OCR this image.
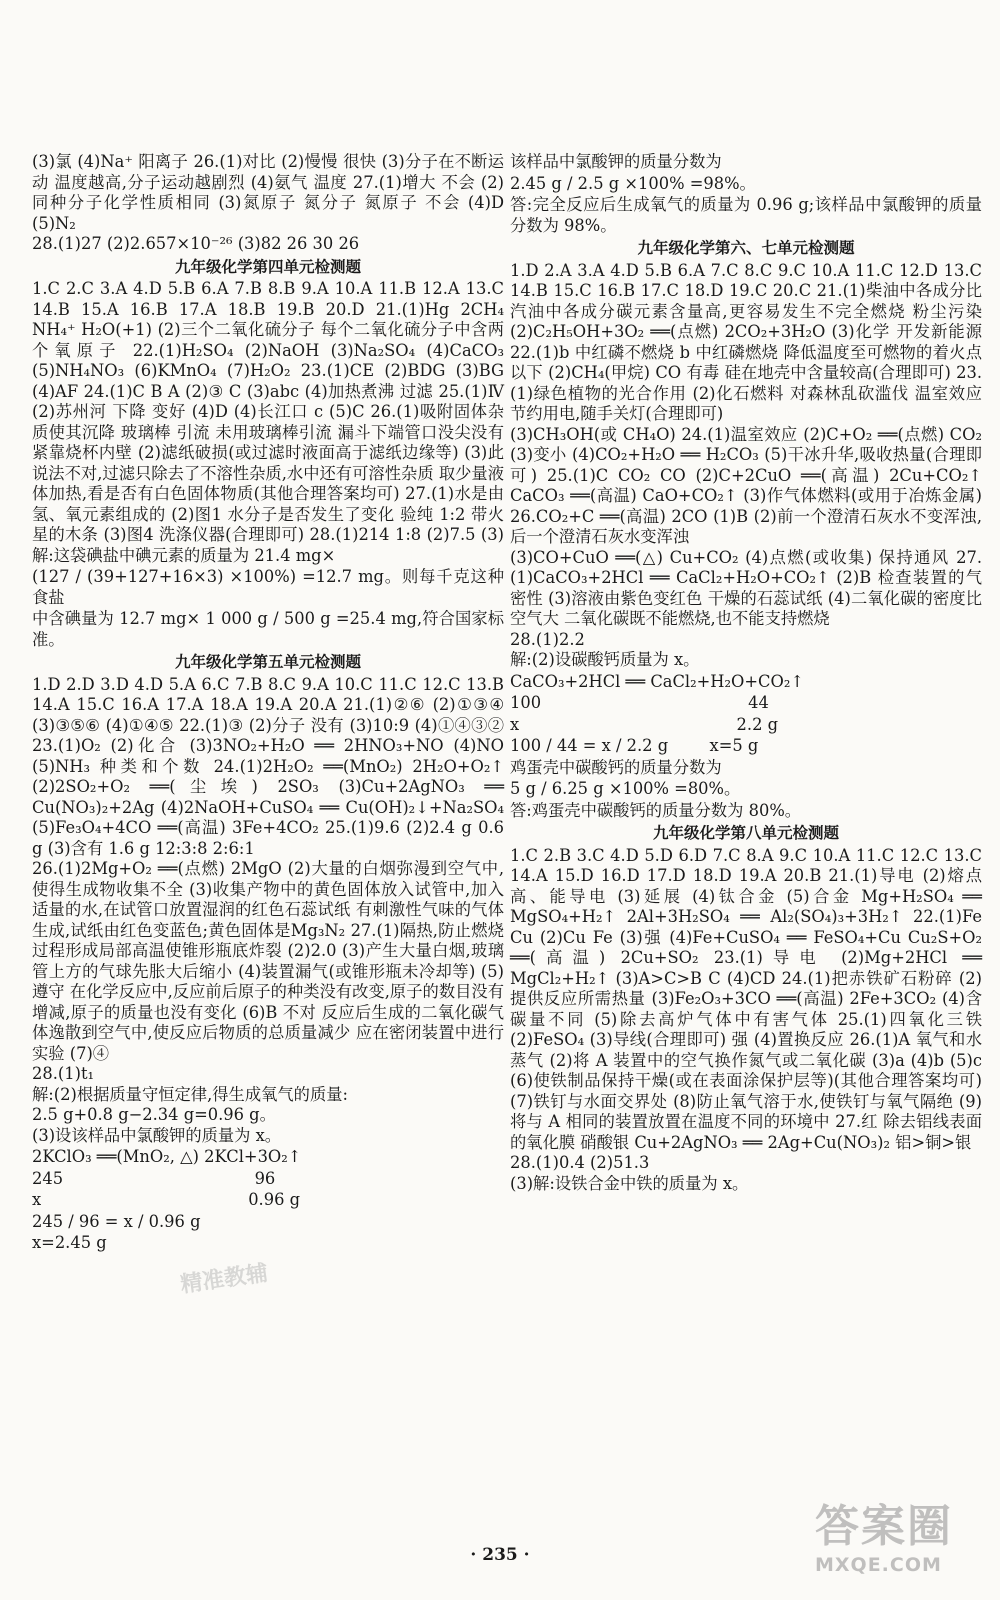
(3)氯 (4)Na⁺ 阳离子 26.(1)对比 (2)慢慢 很快 (3)分子在不断运动 温度越高,分子运动越剧烈 (4)氨气 温度 27.(1)增大 不会 (2)同种分子化学性质相同 (3)氮原子 氮分子 氮原子 不会 (4)D (5)N₂

28.(1)27 (2)2.657×10⁻²⁶ (3)82 26 30 26

九年级化学第四单元检测题

1.C 2.C 3.A 4.D 5.B 6.A 7.B 8.B 9.A 10.A 11.B 12.A 13.C 14.B 15.A 16.B 17.A 18.B 19.B 20.D 21.(1)Hg 2CH₄ NH₄⁺ H₂O(+1) (2)三个二氧化硫分子 每个二氧化硫分子中含两个氧原子 22.(1)H₂SO₄ (2)NaOH (3)Na₂SO₄ (4)CaCO₃ (5)NH₄NO₃ (6)KMnO₄ (7)H₂O₂ 23.(1)CE (2)BDG (3)BG (4)AF 24.(1)C B A (2)③ C (3)abc (4)加热煮沸 过滤 25.(1)Ⅳ (2)苏州河 下降 变好 (4)D (4)长江口 c (5)C 26.(1)吸附固体杂质使其沉降 玻璃棒 引流 未用玻璃棒引流 漏斗下端管口没尖没有紧靠烧杯内壁 (2)滤纸破损(或过滤时液面高于滤纸边缘等) (3)此说法不对,过滤只除去了不溶性杂质,水中还有可溶性杂质 取少量液体加热,看是否有白色固体物质(其他合理答案均可) 27.(1)水是由氢、氧元素组成的 (2)图1 水分子是否发生了变化 验纯 1:2 带火星的木条 (3)图4 洗涤仪器(合理即可) 28.(1)214 1:8 (2)7.5 (3)解:这袋碘盐中碘元素的质量为 21.4 mg×

(127 / (39+127+16×3) ×100%) =12.7 mg。则每千克这种食盐

中含碘量为 12.7 mg× 1 000 g / 500 g =25.4 mg,符合国家标准。

九年级化学第五单元检测题

1.D 2.D 3.D 4.D 5.A 6.C 7.B 8.C 9.A 10.C 11.C 12.C 13.B 14.A 15.C 16.A 17.A 18.A 19.A 20.A 21.(1)②⑥ (2)①③④ (3)③⑤⑥ (4)①④⑤ 22.(1)③ (2)分子 没有 (3)10:9 (4)①④③② 23.(1)O₂ (2)化合 (3)3NO₂+H₂O ══ 2HNO₃+NO (4)NO (5)NH₃ 种类和个数 24.(1)2H₂O₂ ══(MnO₂) 2H₂O+O₂↑ (2)2SO₂+O₂ ══(尘埃) 2SO₃ (3)Cu+2AgNO₃ ══ Cu(NO₃)₂+2Ag (4)2NaOH+CuSO₄ ══ Cu(OH)₂↓+Na₂SO₄ (5)Fe₃O₄+4CO ══(高温) 3Fe+4CO₂ 25.(1)9.6 (2)2.4 g 0.6 g (3)含有 1.6 g 12:3:8 2:6:1

26.(1)2Mg+O₂ ══(点燃) 2MgO (2)大量的白烟弥漫到空气中,使得生成物收集不全 (3)收集产物中的黄色固体放入试管中,加入适量的水,在试管口放置湿润的红色石蕊试纸 有刺激性气味的气体生成,试纸由红色变蓝色;黄色固体是Mg₃N₂ 27.(1)隔热,防止燃烧过程形成局部高温使锥形瓶底炸裂 (2)2.0 (3)产生大量白烟,玻璃管上方的气球先胀大后缩小 (4)装置漏气(或锥形瓶未冷却等) (5)遵守 在化学反应中,反应前后原子的种类没有改变,原子的数目没有增减,原子的质量也没有变化 (6)B 不对 反应后生成的二氧化碳气体逸散到空气中,使反应后物质的总质量减少 应在密闭装置中进行实验 (7)④

28.(1)t₁

解:(2)根据质量守恒定律,得生成氧气的质量:

2.5 g+0.8 g−2.34 g=0.96 g。

(3)设该样品中氯酸钾的质量为 x。

2KClO₃ ══(MnO₂, △) 2KCl+3O₂↑

245                                     96

x                                        0.96 g

245 / 96 = x / 0.96 g

x=2.45 g

该样品中氯酸钾的质量分数为

2.45 g / 2.5 g ×100% =98%。

答:完全反应后生成氧气的质量为 0.96 g;该样品中氯酸钾的质量分数为 98%。

九年级化学第六、七单元检测题

1.D 2.A 3.A 4.D 5.B 6.A 7.C 8.C 9.C 10.A 11.C 12.D 13.C 14.B 15.C 16.B 17.C 18.D 19.C 20.C 21.(1)柴油中各成分比汽油中各成分碳元素含量高,更容易发生不完全燃烧 粉尘污染 (2)C₂H₅OH+3O₂ ══(点燃) 2CO₂+3H₂O (3)化学 开发新能源 22.(1)b 中红磷不燃烧 b 中红磷燃烧 降低温度至可燃物的着火点以下 (2)CH₄(甲烷) CO 有毒 硅在地壳中含量较高(合理即可) 23.(1)绿色植物的光合作用 (2)化石燃料 对森林乱砍滥伐 温室效应 节约用电,随手关灯(合理即可)

(3)CH₃OH(或 CH₄O) 24.(1)温室效应 (2)C+O₂ ══(点燃) CO₂ (3)变小 (4)CO₂+H₂O ══ H₂CO₃ (5)干冰升华,吸收热量(合理即可) 25.(1)C CO₂ CO (2)C+2CuO ══(高温) 2Cu+CO₂↑ CaCO₃ ══(高温) CaO+CO₂↑ (3)作气体燃料(或用于冶炼金属) 26.CO₂+C ══(高温) 2CO (1)B (2)前一个澄清石灰水不变浑浊,后一个澄清石灰水变浑浊

(3)CO+CuO ══(△) Cu+CO₂ (4)点燃(或收集) 保持通风 27.(1)CaCO₃+2HCl ══ CaCl₂+H₂O+CO₂↑ (2)B 检查装置的气密性 (3)溶液由紫色变红色 干燥的石蕊试纸 (4)二氧化碳的密度比空气大 二氧化碳既不能燃烧,也不能支持燃烧

28.(1)2.2

解:(2)设碳酸钙质量为 x。

CaCO₃+2HCl ══ CaCl₂+H₂O+CO₂↑

100                                        44

x                                          2.2 g

100 / 44 = x / 2.2 g        x=5 g

鸡蛋壳中碳酸钙的质量分数为

5 g / 6.25 g ×100% =80%。

答:鸡蛋壳中碳酸钙的质量分数为 80%。

九年级化学第八单元检测题

1.C 2.B 3.C 4.D 5.D 6.D 7.C 8.A 9.C 10.A 11.C 12.C 13.C 14.A 15.D 16.D 17.D 18.D 19.A 20.B 21.(1)导电 (2)熔点高、能导电 (3)延展 (4)钛合金 (5)合金 Mg+H₂SO₄ ══ MgSO₄+H₂↑ 2Al+3H₂SO₄ ══ Al₂(SO₄)₃+3H₂↑ 22.(1)Fe Cu (2)Cu Fe (3)强 (4)Fe+CuSO₄ ══ FeSO₄+Cu Cu₂S+O₂ ══(高温) 2Cu+SO₂ 23.(1)导电 (2)Mg+2HCl ══ MgCl₂+H₂↑ (3)A>C>B C (4)CD 24.(1)把赤铁矿石粉碎 (2)提供反应所需热量 (3)Fe₂O₃+3CO ══(高温) 2Fe+3CO₂ (4)含碳量不同 (5)除去高炉气体中有害气体 25.(1)四氧化三铁 (2)FeSO₄ (3)导线(合理即可) 强 (4)置换反应 26.(1)A 氧气和水蒸气 (2)将 A 装置中的空气换作氮气或二氧化碳 (3)a (4)b (5)c (6)使铁制品保持干燥(或在表面涂保护层等)(其他合理答案均可) (7)铁钉与水面交界处 (8)防止氧气溶于水,使铁钉与氧气隔绝 (9)将与 A 相同的装置放置在温度不同的环境中 27.红 除去铝线表面的氧化膜 硝酸银 Cu+2AgNO₃ ══ 2Ag+Cu(NO₃)₂ 铝>铜>银

28.(1)0.4 (2)51.3

(3)解:设铁合金中铁的质量为 x。

· 235 ·
精准教辅
答案圈
MXQE.COM
